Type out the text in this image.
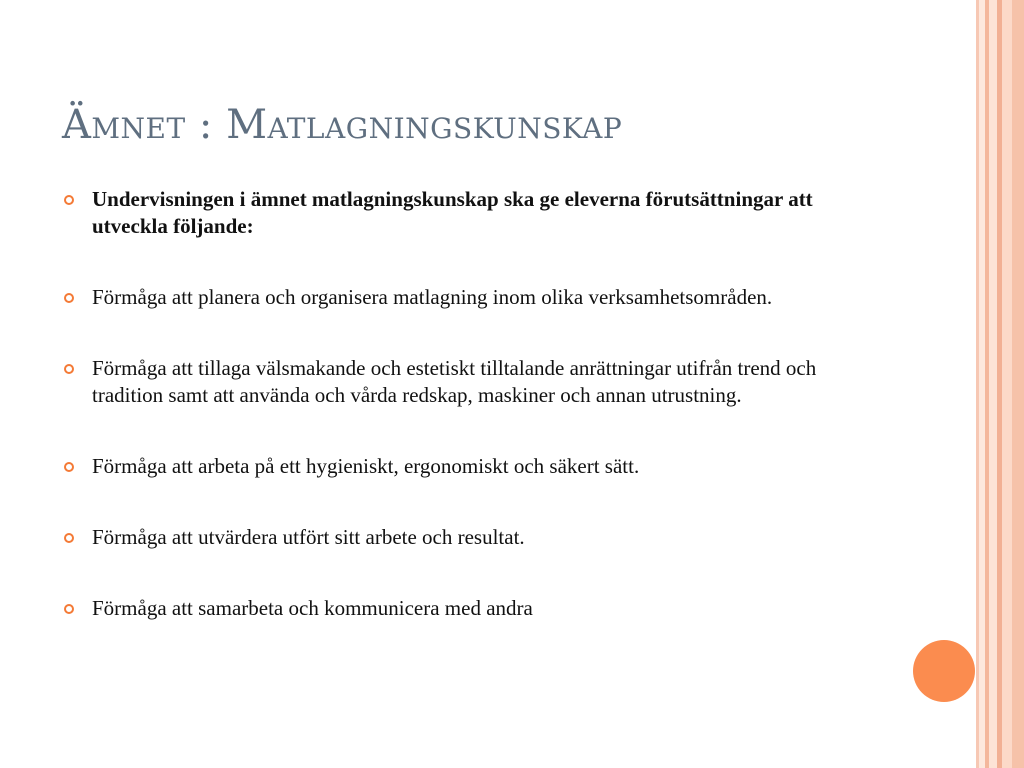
Ämnet : Matlagningskunskap
Undervisningen i ämnet matlagningskunskap ska ge eleverna förutsättningar att utveckla följande:
Förmåga att planera och organisera matlagning inom olika verksamhetsområden.
Förmåga att tillaga välsmakande och estetiskt tilltalande anrättningar utifrån trend och tradition samt att använda och vårda redskap, maskiner och annan utrustning.
Förmåga att arbeta på ett hygieniskt, ergonomiskt och säkert sätt.
Förmåga att utvärdera utfört sitt arbete och resultat.
Förmåga att samarbeta och kommunicera med andra
